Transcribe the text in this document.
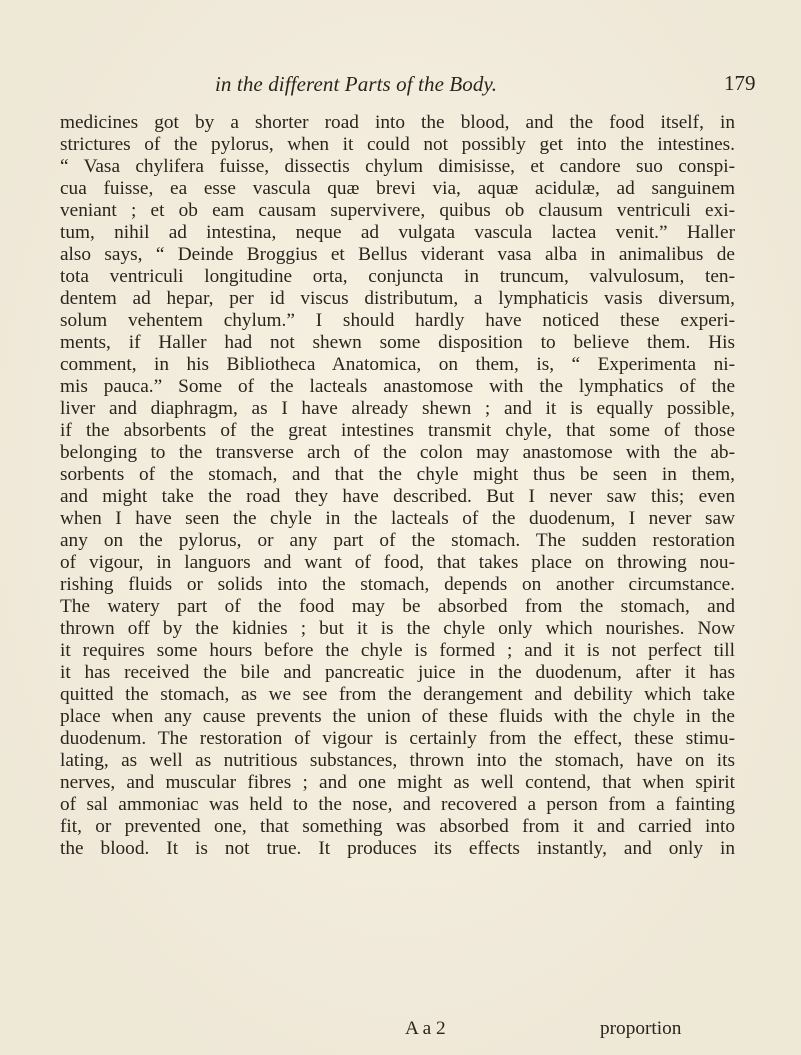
in the different Parts of the Body.	179
medicines got by a shorter road into the blood, and the food itself, in
strictures of the pylorus, when it could not possibly get into the intestines.
“ Vasa chylifera fuisse, dissectis chylum dimisisse, et candore suo conspi-
cua fuisse, ea esse vascula quæ brevi via, aquæ acidulæ, ad sanguinem
veniant ; et ob eam causam supervivere, quibus ob clausum ventriculi exi-
tum, nihil ad intestina, neque ad vulgata vascula lactea venit.” Haller
also says, “ Deinde Broggius et Bellus viderant vasa alba in animalibus de
tota ventriculi longitudine orta, conjuncta in truncum, valvulosum, ten-
dentem ad hepar, per id viscus distributum, a lymphaticis vasis diversum,
solum vehentem chylum.” I should hardly have noticed these experi-
ments, if Haller had not shewn some disposition to believe them. His
comment, in his Bibliotheca Anatomica, on them, is, “ Experimenta ni-
mis pauca.” Some of the lacteals anastomose with the lymphatics of the
liver and diaphragm, as I have already shewn ; and it is equally possible,
if the absorbents of the great intestines transmit chyle, that some of those
belonging to the transverse arch of the colon may anastomose with the ab-
sorbents of the stomach, and that the chyle might thus be seen in them,
and might take the road they have described. But I never saw this; even
when I have seen the chyle in the lacteals of the duodenum, I never saw
any on the pylorus, or any part of the stomach. The sudden restoration
of vigour, in languors and want of food, that takes place on throwing nou-
rishing fluids or solids into the stomach, depends on another circumstance.
The watery part of the food may be absorbed from the stomach, and
thrown off by the kidnies ; but it is the chyle only which nourishes. Now
it requires some hours before the chyle is formed ; and it is not perfect till
it has received the bile and pancreatic juice in the duodenum, after it has
quitted the stomach, as we see from the derangement and debility which take
place when any cause prevents the union of these fluids with the chyle in the
duodenum. The restoration of vigour is certainly from the effect, these stimu-
lating, as well as nutritious substances, thrown into the stomach, have on its
nerves, and muscular fibres ; and one might as well contend, that when spirit
of sal ammoniac was held to the nose, and recovered a person from a fainting
fit, or prevented one, that something was absorbed from it and carried into
the blood. It is not true. It produces its effects instantly, and only in
A a 2	proportion
